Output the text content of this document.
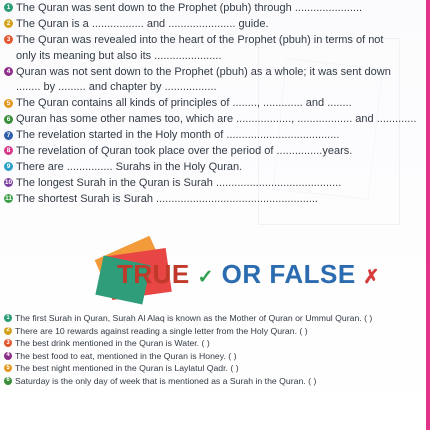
1 The Quran was sent down to the Prophet (pbuh) through ......................
2 The Quran is a ................. and ...................... guide.
3 The Quran was revealed into the heart of the Prophet (pbuh) in terms of not
only its meaning but also its ......................
4 Quran was not sent down to the Prophet (pbuh) as a whole; it was sent down
........ by ......... and chapter by .................
5 The Quran contains all kinds of principles of ........, ............. and ........
6 Quran has some other names too, which are .................., .................. and .............
7 The revelation started in the Holy month of .....................................
8 The revelation of Quran took place over the period of ...............years.
9 There are ............... Surahs in the Holy Quran.
10 The longest Surah in the Quran is Surah .........................................
11 The shortest Surah is Surah .....................................................
TRUE ✓ OR FALSE ✗
1 The first Surah in Quran, Surah Al Alaq is known as the Mother of Quran or Ummul Quran. ( )
2 There are 10 rewards against reading a single letter from the Holy Quran. ( )
3 The best drink mentioned in the Quran is Water. ( )
4 The best food to eat, mentioned in the Quran is Honey. ( )
5 The best night mentioned in the Quran is Laylatul Qadr. ( )
6 Saturday is the only day of week that is mentioned as a Surah in the Quran. ( )
